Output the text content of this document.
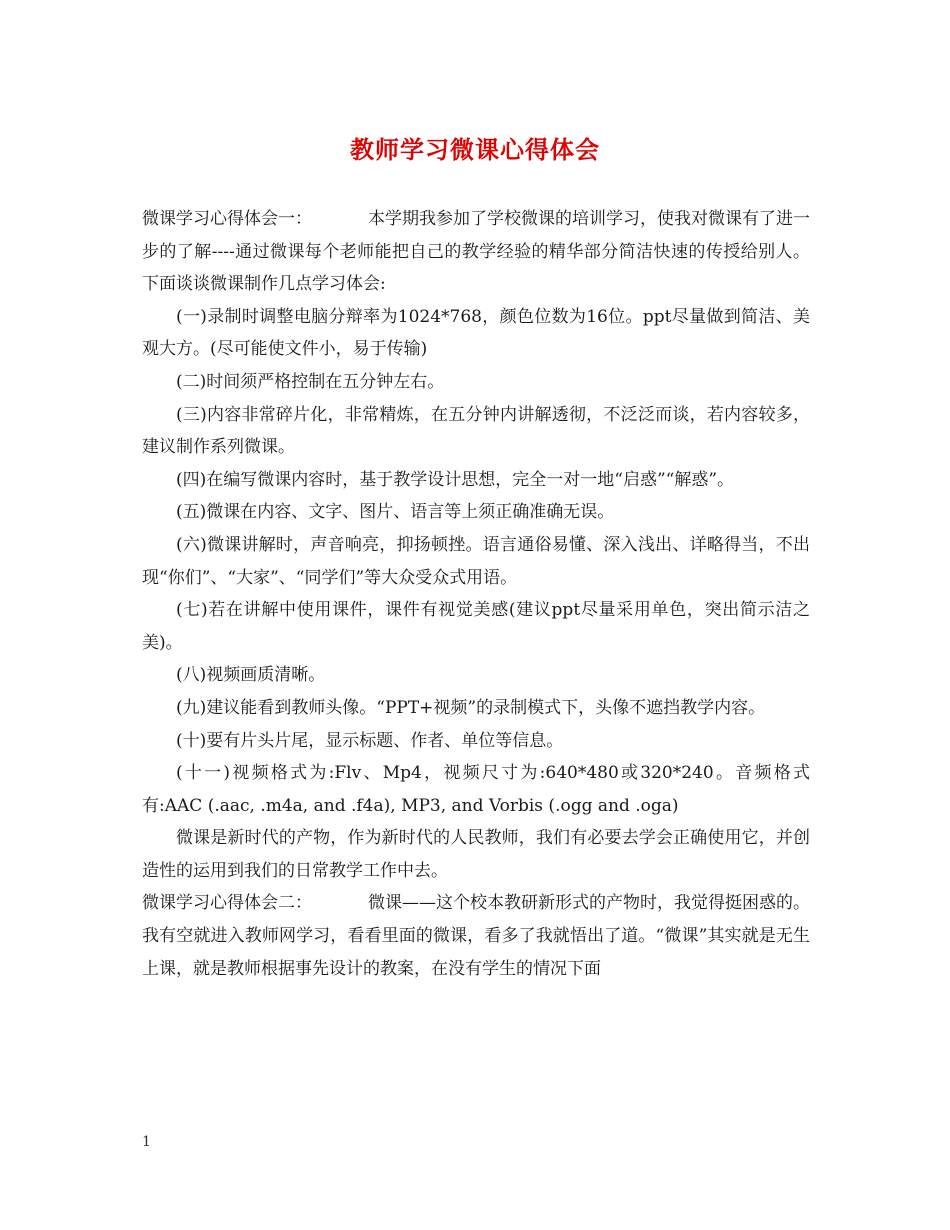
教师学习微课心得体会

微课学习心得体会一：	本学期我参加了学校微课的培训学习，使我对微课有了进一步的了解----通过微课每个老师能把自己的教学经验的精华部分简洁快速的传授给别人。下面谈谈微课制作几点学习体会:

(一)录制时调整电脑分辩率为1024*768，颜色位数为16位。ppt尽量做到简洁、美观大方。(尽可能使文件小，易于传输)

(二)时间须严格控制在五分钟左右。

(三)内容非常碎片化，非常精炼，在五分钟内讲解透彻，不泛泛而谈，若内容较多，建议制作系列微课。

(四)在编写微课内容时，基于教学设计思想，完全一对一地“启惑”“解惑”。

(五)微课在内容、文字、图片、语言等上须正确准确无误。

(六)微课讲解时，声音响亮，抑扬顿挫。语言通俗易懂、深入浅出、详略得当，不出现“你们”、“大家”、“同学们”等大众受众式用语。

(七)若在讲解中使用课件，课件有视觉美感(建议ppt尽量采用单色，突出简示洁之美)。

(八)视频画质清晰。

(九)建议能看到教师头像。“PPT+视频”的录制模式下，头像不遮挡教学内容。

(十)要有片头片尾，显示标题、作者、单位等信息。

(十一)视频格式为:Flv、Mp4，视频尺寸为:640*480或320*240。音频格式有:AAC (.aac, .m4a, and .f4a), MP3, and Vorbis (.ogg and .oga)

微课是新时代的产物，作为新时代的人民教师，我们有必要去学会正确使用它，并创造性的运用到我们的日常教学工作中去。

微课学习心得体会二：	微课——这个校本教研新形式的产物时，我觉得挺困惑的。我有空就进入教师网学习，看看里面的微课，看多了我就悟出了道。“微课”其实就是无生上课，就是教师根据事先设计的教案，在没有学生的情况下面

1
